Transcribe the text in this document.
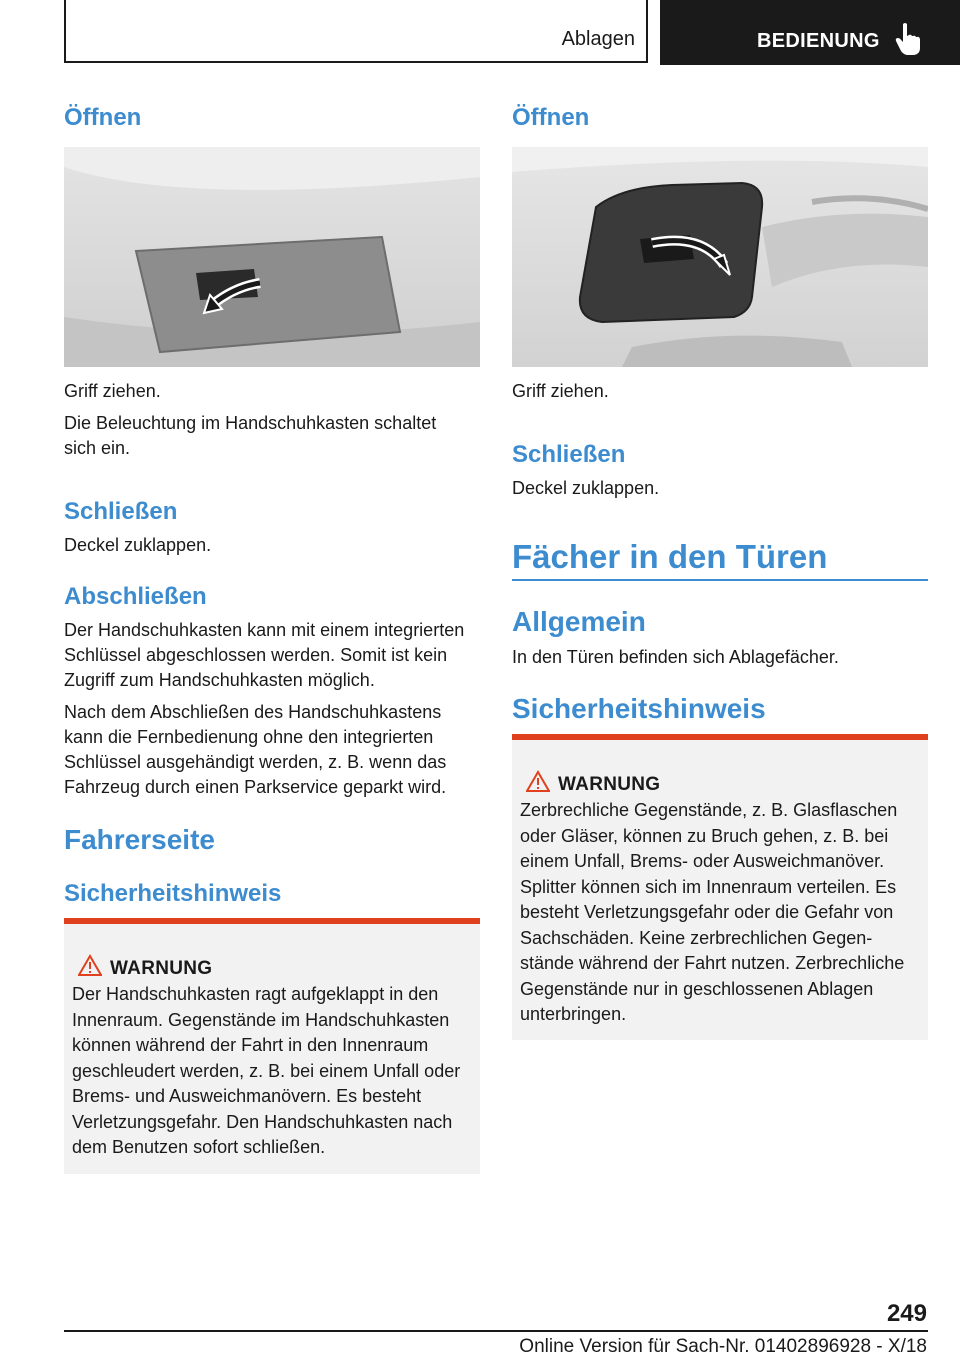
Ablagen	BEDIENUNG
Öffnen

Griff ziehen.

Die Beleuchtung im Handschuhkasten schaltet sich ein.

Schließen

Deckel zuklappen.

Abschließen

Der Handschuhkasten kann mit einem integrierten Schlüssel abgeschlossen werden. Somit ist kein Zugriff zum Handschuhkasten möglich.

Nach dem Abschließen des Handschuhkastens kann die Fernbedienung ohne den integrierten Schlüssel ausgehändigt werden, z. B. wenn das Fahrzeug durch einen Parkservice geparkt wird.

Fahrerseite
Sicherheitshinweis
WARNUNG

Der Handschuhkasten ragt aufgeklappt in den Innenraum. Gegenstände im Handschuhkasten können während der Fahrt in den Innenraum geschleudert werden, z. B. bei einem Unfall oder Brems- und Ausweichmanövern. Es besteht Verletzungsgefahr. Den Handschuhkasten nach dem Benutzen sofort schließen.

Öffnen

Griff ziehen.

Schließen

Deckel zuklappen.

Fächer in den Türen
Allgemein

In den Türen befinden sich Ablagefächer.

Sicherheitshinweis
WARNUNG

Zerbrechliche Gegenstände, z. B. Glasflaschen oder Gläser, können zu Bruch gehen, z. B. bei einem Unfall, Brems- oder Ausweichmanöver. Splitter können sich im Innenraum verteilen. Es besteht Verletzungsgefahr oder die Gefahr von Sachschäden. Keine zerbrechlichen Gegenstände während der Fahrt nutzen. Zerbrechliche Gegenstände nur in geschlossenen Ablagen unterbringen.

249
Online Version für Sach-Nr. 01402896928 - X/18
